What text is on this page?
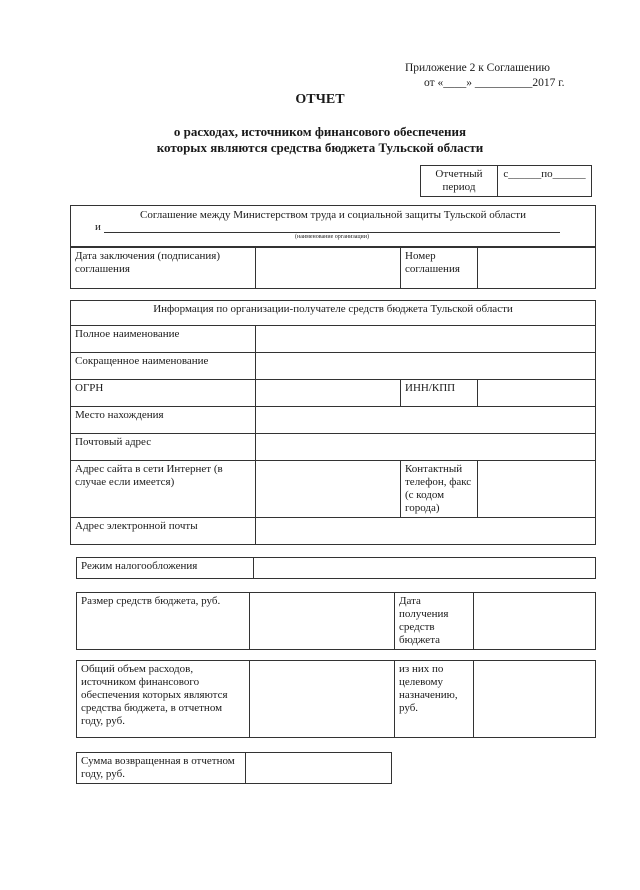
Приложение 2 к Соглашению
от «____» __________2017 г.
ОТЧЕТ
о расходах, источником финансового обеспечения
которых являются средства бюджета Тульской области
Отчетный период	с______по______
Соглашение между Министерством труда и социальной защиты Тульской области
и
(наименование организации)
Дата заключения (подписания) соглашения		Номер соглашения	
Информация по организации-получателе средств бюджета Тульской области			
Полное наименование			
Сокращенное наименование			
ОГРН		ИНН/КПП	
Место нахождения			
Почтовый адрес			
Адрес сайта в сети Интернет (в случае если имеется)		Контактный телефон, факс (с кодом города)	
Адрес электронной почты			
Режим налогообложения	
Размер средств бюджета, руб.		Дата получения средств бюджета	
Общий объем расходов, источником финансового обеспечения которых являются средства бюджета, в отчетном году, руб.		из них по целевому назначению, руб.	
Сумма возвращенная в отчетном году, руб.	
